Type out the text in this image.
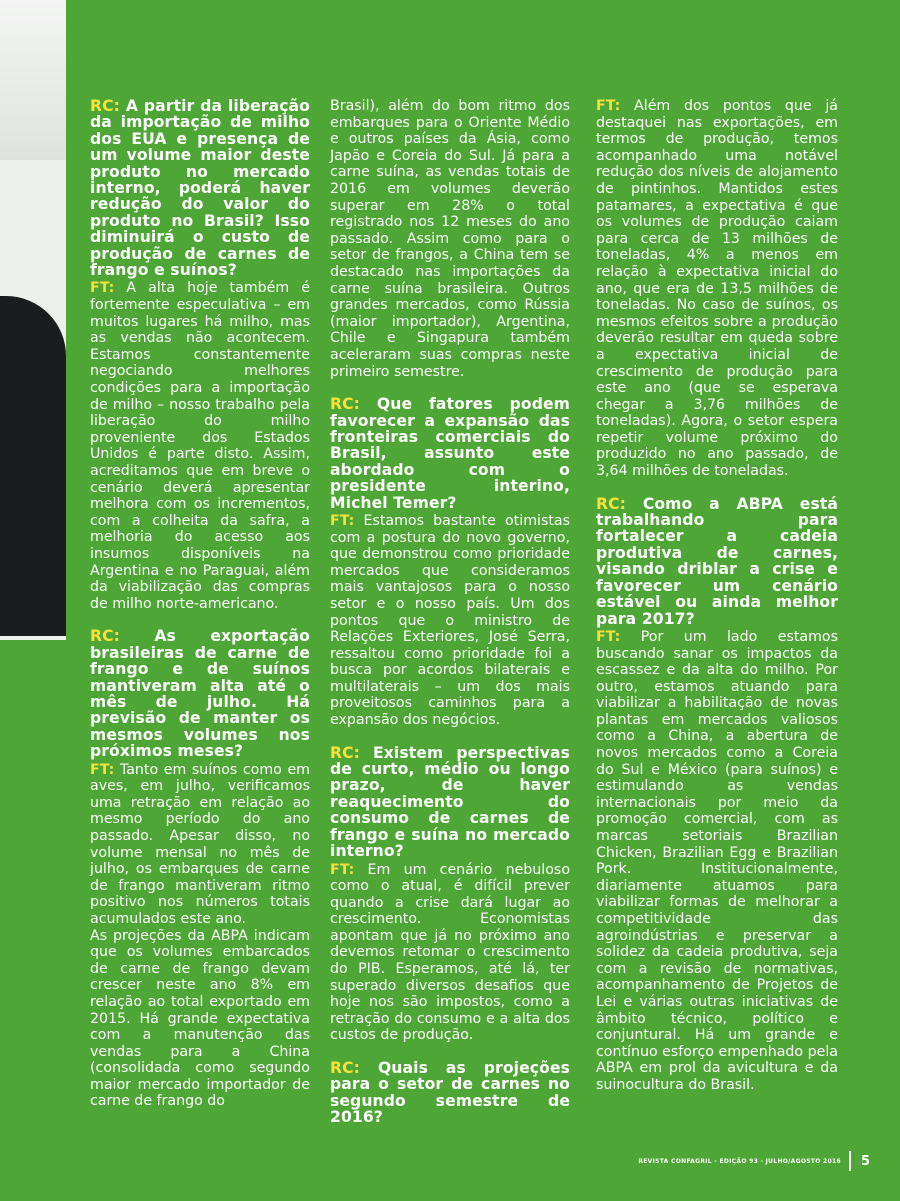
RC: A partir da liberação da importação de milho dos EUA e presença de um volume maior deste produto no mercado interno, poderá haver redução do valor do produto no Brasil? Isso diminuirá o custo de produção de carnes de frango e suínos?
FT: A alta hoje também é fortemente especulativa – em muitos lugares há milho, mas as vendas não acontecem. Estamos constantemente negociando melhores condições para a importação de milho – nosso trabalho pela liberação do milho proveniente dos Estados Unidos é parte disto. Assim, acreditamos que em breve o cenário deverá apresentar melhora com os incrementos, com a colheita da safra, a melhoria do acesso aos insumos disponíveis na Argentina e no Paraguai, além da viabilização das compras de milho norte-americano.
RC: As exportação brasileiras de carne de frango e de suínos mantiveram alta até o mês de julho. Há previsão de manter os mesmos volumes nos próximos meses?
FT: Tanto em suínos como em aves, em julho, verificamos uma retração em relação ao mesmo período do ano passado. Apesar disso, no volume mensal no mês de julho, os embarques de carne de frango mantiveram ritmo positivo nos números totais acumulados este ano.

As projeções da ABPA indicam que os volumes embarcados de carne de frango devam crescer neste ano 8% em relação ao total exportado em 2015. Há grande expectativa com a manutenção das vendas para a China (consolidada como segundo maior mercado importador de carne de frango do

Brasil), além do bom ritmo dos embarques para o Oriente Médio e outros países da Ásia, como Japão e Coreia do Sul. Já para a carne suína, as vendas totais de 2016 em volumes deverão superar em 28% o total registrado nos 12 meses do ano passado. Assim como para o setor de frangos, a China tem se destacado nas importações da carne suína brasileira. Outros grandes mercados, como Rússia (maior importador), Argentina, Chile e Singapura também aceleraram suas compras neste primeiro semestre.

RC: Que fatores podem favorecer a expansão das fronteiras comerciais do Brasil, assunto este abordado com o presidente interino, Michel Temer?
FT: Estamos bastante otimistas com a postura do novo governo, que demonstrou como prioridade mercados que consideramos mais vantajosos para o nosso setor e o nosso país. Um dos pontos que o ministro de Relações Exteriores, José Serra, ressaltou como prioridade foi a busca por acordos bilaterais e multilaterais – um dos mais proveitosos caminhos para a expansão dos negócios.
RC: Existem perspectivas de curto, médio ou longo prazo, de haver reaquecimento do consumo de carnes de frango e suína no mercado interno?
FT: Em um cenário nebuloso como o atual, é difícil prever quando a crise dará lugar ao crescimento. Economistas apontam que já no próximo ano devemos retomar o crescimento do PIB. Esperamos, até lá, ter superado diversos desafios que hoje nos são impostos, como a retração do consumo e a alta dos custos de produção.
RC: Quais as projeções para o setor de carnes no segundo semestre de 2016?
FT: Além dos pontos que já destaquei nas exportações, em termos de produção, temos acompanhado uma notável redução dos níveis de alojamento de pintinhos. Mantidos estes patamares, a expectativa é que os volumes de produção caiam para cerca de 13 milhões de toneladas, 4% a menos em relação à expectativa inicial do ano, que era de 13,5 milhões de toneladas. No caso de suínos, os mesmos efeitos sobre a produção deverão resultar em queda sobre a expectativa inicial de crescimento de produção para este ano (que se esperava chegar a 3,76 milhões de toneladas). Agora, o setor espera repetir volume próximo do produzido no ano passado, de 3,64 milhões de toneladas.
RC: Como a ABPA está trabalhando para fortalecer a cadeia produtiva de carnes, visando driblar a crise e favorecer um cenário estável ou ainda melhor para 2017?
FT: Por um lado estamos buscando sanar os impactos da escassez e da alta do milho. Por outro, estamos atuando para viabilizar a habilitação de novas plantas em mercados valiosos como a China, a abertura de novos mercados como a Coreia do Sul e México (para suínos) e estimulando as vendas internacionais por meio da promoção comercial, com as marcas setoriais Brazilian Chicken, Brazilian Egg e Brazilian Pork. Institucionalmente, diariamente atuamos para viabilizar formas de melhorar a competitividade das agroindústrias e preservar a solidez da cadeia produtiva, seja com a revisão de normativas, acompanhamento de Projetos de Lei e várias outras iniciativas de âmbito técnico, político e conjuntural. Há um grande e contínuo esforço empenhado pela ABPA em prol da avicultura e da suinocultura do Brasil.
REVISTA CONFAGRIL - EDIÇÃO 93 - JULHO/AGOSTO 2016 5
